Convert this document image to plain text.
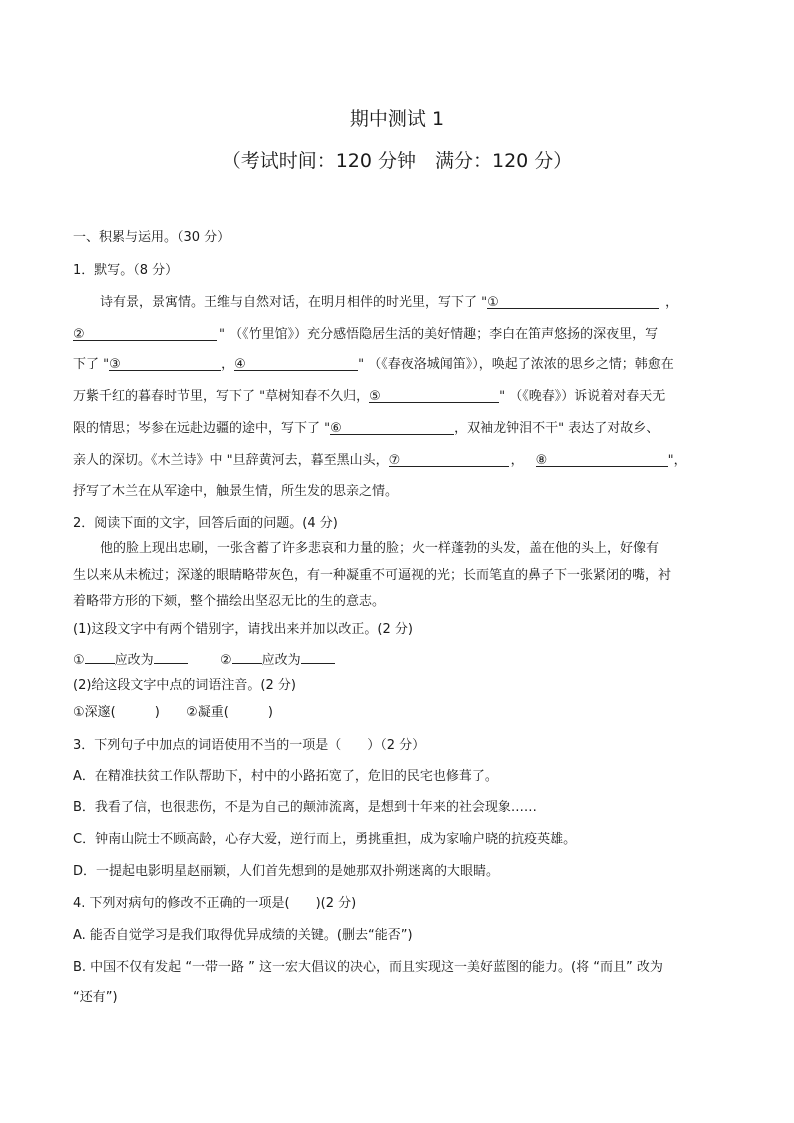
期中测试 1
（考试时间：120 分钟　满分：120 分）
一、积累与运用。（30 分）
1．默写。（8 分）
诗有景，景寓情。王维与自然对话，在明月相伴的时光里，写下了 "①	，
②	" （《竹里馆》）充分感悟隐居生活的美好情趣；李白在笛声悠扬的深夜里，写
下了 "③	，④	" （《春夜洛城闻笛》），唤起了浓浓的思乡之情；韩愈在
万紫千红的暮春时节里，写下了 "草树知春不久归，⑤	" （《晚春》）诉说着对春天无
限的情思；岑参在远赴边疆的途中，写下了 "⑥	，双袖龙钟泪不干" 表达了对故乡、
亲人的深切。《木兰诗》中 "旦辞黄河去，暮至黑山头，⑦	， ⑧	"，
抒写了木兰在从军途中，触景生情，所生发的思亲之情。
2．阅读下面的文字，回答后面的问题。(4 分)
他的脸上现出忠刷，一张含蓄了许多悲哀和力量的脸；火一样蓬勃的头发，盖在他的头上，好像有
生以来从未梳过；深遂的眼睛略带灰色，有一种凝重不可逼视的光；长而笔直的鼻子下一张紧闭的嘴，衬
着略带方形的下颏，整个描绘出坚忍无比的生的意志。
(1)这段文字中有两个错别字，请找出来并加以改正。(2 分)
① 应改为	② 应改为
(2)给这段文字中点的词语注音。(2 分)
①深邃(　　　) ②凝重(　　　)
3．下列句子中加点的词语使用不当的一项是（　　）（2 分）
A．在精准扶贫工作队帮助下，村中的小路拓宽了，危旧的民宅也修葺了。
B．我看了信，也很悲伤，不是为自己的颠沛流离，是想到十年来的社会现象……
C．钟南山院士不顾高龄，心存大爱，逆行而上，勇挑重担，成为家喻户晓的抗疫英雄。
D．一提起电影明星赵丽颖，人们首先想到的是她那双扑朔迷离的大眼睛。
4. 下列对病句的修改不正确的一项是(　　)(2 分)
A. 能否自觉学习是我们取得优异成绩的关键。(删去“能否”)
B. 中国不仅有发起 “一带一路 ” 这一宏大倡议的决心，而且实现这一美好蓝图的能力。(将 “而且” 改为
“还有”)
